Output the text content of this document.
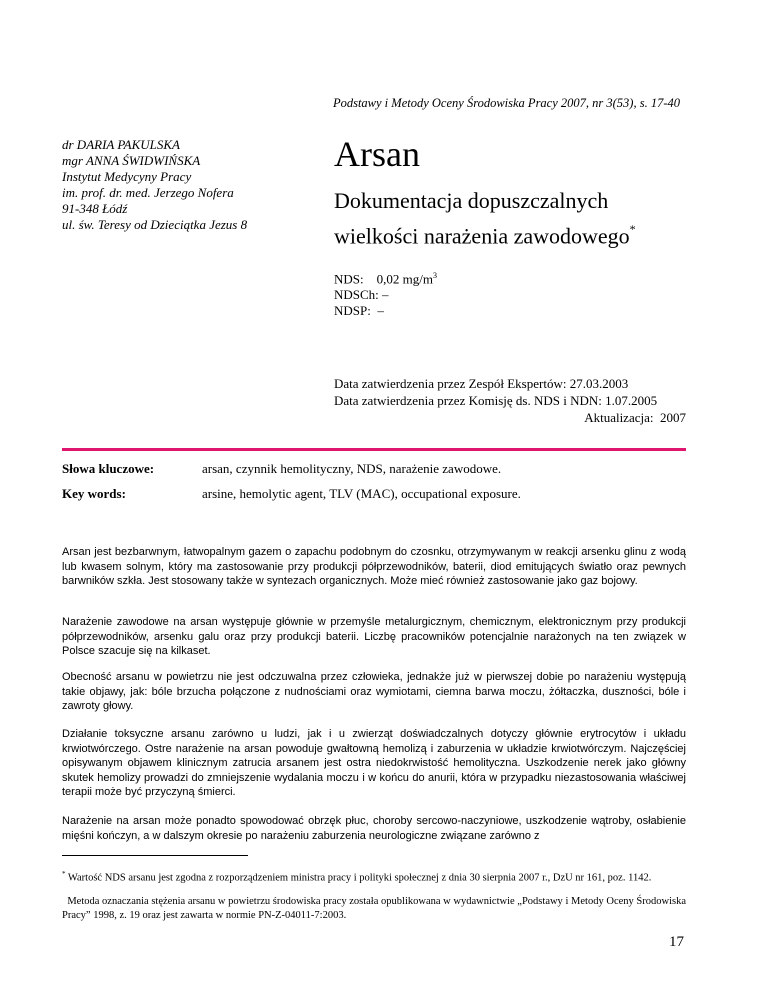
Podstawy i Metody Oceny Środowiska Pracy 2007, nr 3(53), s. 17-40
dr DARIA PAKULSKA
mgr ANNA ŚWIDWIŃSKA
Instytut Medycyny Pracy
im. prof. dr. med. Jerzego Nofera
91-348 Łódź
ul. św. Teresy od Dzieciątka Jezus 8
Arsan
Dokumentacja dopuszczalnych
wielkości narażenia zawodowego*
NDS: 0,02 $mg/m^3$
NDSCh: –
NDSP:  –
Data zatwierdzenia przez Zespół Ekspertów: 27.03.2003
Data zatwierdzenia przez Komisję ds. NDS i NDN: 1.07.2005
Aktualizacja:  2007
Słowa kluczowe:	arsan, czynnik hemolityczny, NDS, narażenie zawodowe.
Key words:	arsine, hemolytic agent, TLV (MAC), occupational exposure.
Arsan jest bezbarwnym, łatwopalnym gazem o zapachu podobnym do czosnku, otrzymywanym w reakcji arsenku glinu z wodą lub kwasem solnym, który ma zastosowanie przy produkcji półprzewodników, baterii, diod emitujących światło oraz pewnych barwników szkła. Jest stosowany także w syntezach organicznych. Może mieć również zastosowanie jako gaz bojowy.
Narażenie zawodowe na arsan występuje głównie w przemyśle metalurgicznym, chemicznym, elektronicznym przy produkcji półprzewodników, arsenku galu oraz przy produkcji baterii. Liczbę pracowników potencjalnie narażonych na ten związek w Polsce szacuje się na kilkaset.
Obecność arsanu w powietrzu nie jest odczuwalna przez człowieka, jednakże już w pierwszej dobie po narażeniu występują takie objawy, jak: bóle brzucha połączone z nudnościami oraz wymiotami, ciemna barwa moczu, żółtaczka, duszności, bóle i zawroty głowy.
Działanie toksyczne arsanu zarówno u ludzi, jak i u zwierząt doświadczalnych dotyczy głównie erytrocytów i układu krwiotwórczego. Ostre narażenie na arsan powoduje gwałtowną hemolizą i zaburzenia w układzie krwiotwórczym. Najczęściej opisywanym objawem klinicznym zatrucia arsanem jest ostra niedokrwistość hemolityczna. Uszkodzenie nerek jako główny skutek hemolizy prowadzi do zmniejszenie wydalania moczu i w końcu do anurii, która w przypadku niezastosowania właściwej terapii może być przyczyną śmierci.
Narażenie na arsan może ponadto spowodować obrzęk płuc, choroby sercowo-naczyniowe, uszkodzenie wątroby, osłabienie mięśni kończyn, a w dalszym okresie po narażeniu zaburzenia neurologiczne związane zarówno z
* Wartość NDS arsanu jest zgodna z rozporządzeniem ministra pracy i polityki społecznej z dnia 30 sierpnia 2007 r., DzU nr 161, poz. 1142.
Metoda oznaczania stężenia arsanu w powietrzu środowiska pracy została opublikowana w wydawnictwie „Podstawy i Metody Oceny Środowiska Pracy” 1998, z. 19 oraz jest zawarta w normie PN-Z-04011-7:2003.
17
